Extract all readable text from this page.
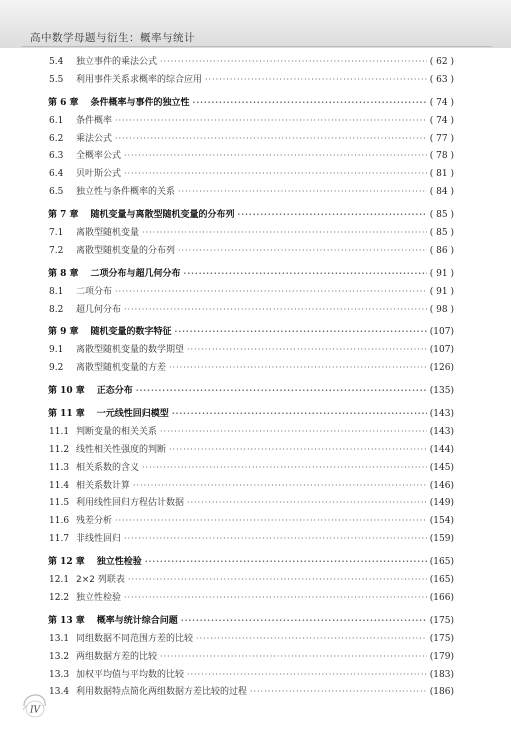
高中数学母题与衍生：概率与统计
5.4	独立事件的乘法公式 ·····	( 62 )
5.5	利用事件关系求概率的综合应用 ·····	( 63 )
第 6 章	条件概率与事件的独立性 ·····	( 74 )
6.1	条件概率 ·····	( 74 )
6.2	乘法公式 ·····	( 77 )
6.3	全概率公式 ·····	( 78 )
6.4	贝叶斯公式 ·····	( 81 )
6.5	独立性与条件概率的关系 ·····	( 84 )
第 7 章	随机变量与离散型随机变量的分布列 ·····	( 85 )
7.1	离散型随机变量 ·····	( 85 )
7.2	离散型随机变量的分布列 ·····	( 86 )
第 8 章	二项分布与超几何分布 ·····	( 91 )
8.1	二项分布 ·····	( 91 )
8.2	超几何分布 ·····	( 98 )
第 9 章	随机变量的数字特征 ·····	(107)
9.1	离散型随机变量的数学期望 ·····	(107)
9.2	离散型随机变量的方差 ·····	(126)
第 10 章	正态分布 ·····	(135)
第 11 章	一元线性回归模型 ·····	(143)
11.1 判断变量的相关关系 ·····	(143)
11.2 线性相关性强度的判断 ·····	(144)
11.3 相关系数的含义 ·····	(145)
11.4 相关系数计算 ·····	(146)
11.5 利用线性回归方程估计数据 ·····	(149)
11.6 残差分析 ·····	(154)
11.7 非线性回归 ·····	(159)
第 12 章	独立性检验 ·····	(165)
12.1 2×2 列联表 ·····	(165)
12.2 独立性检验 ·····	(166)
第 13 章	概率与统计综合问题 ·····	(175)
13.1 同组数据不同范围方差的比较 ·····	(175)
13.2 两组数据方差的比较 ·····	(179)
13.3 加权平均值与平均数的比较 ·····	(183)
13.4 利用数据特点简化两组数据方差比较的过程 ·····	(186)
IV
